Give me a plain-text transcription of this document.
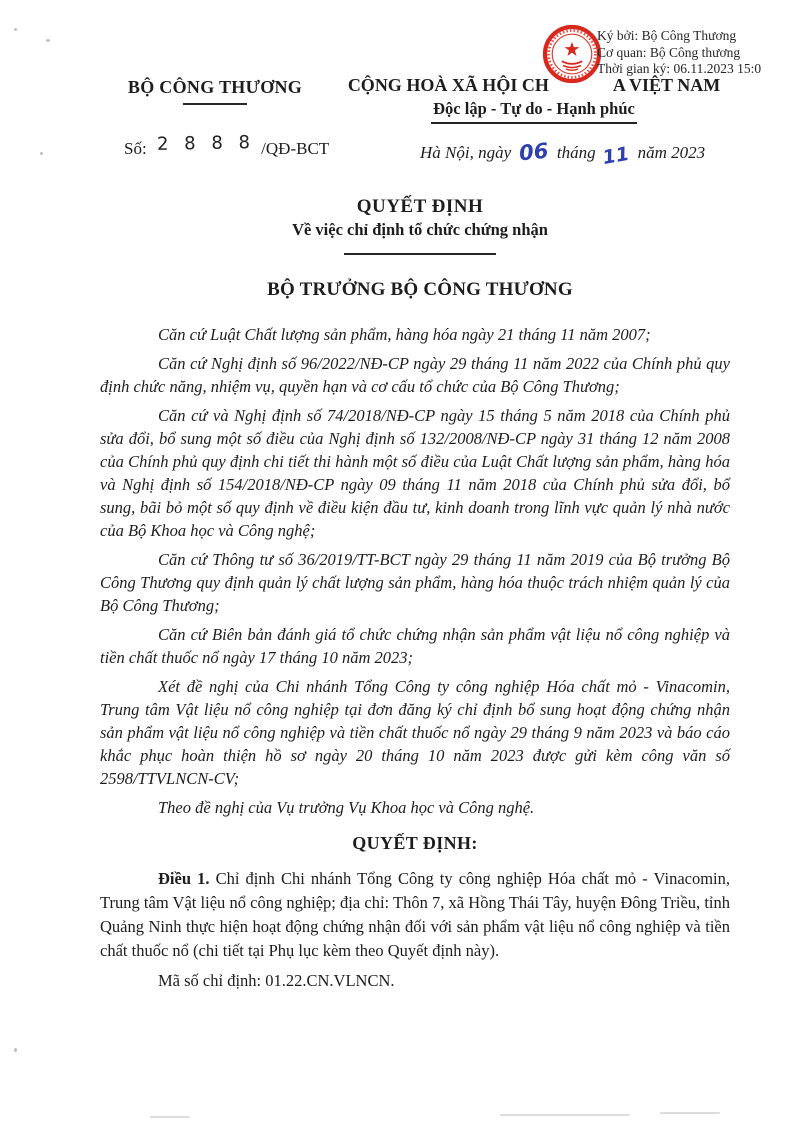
Ký bởi: Bộ Công Thương
Cơ quan: Bộ Công thương
Thời gian ký: 06.11.2023 15:0
BỘ CÔNG THƯƠNG	CỘNG HOÀ XÃ HỘI CH	A VIỆT NAM
Độc lập - Tự do - Hạnh phúc
Số: 2 8 8 8 /QĐ-BCT	Hà Nội, ngày 06 tháng 11 năm 2023
QUYẾT ĐỊNH
Về việc chỉ định tổ chức chứng nhận
BỘ TRƯỞNG BỘ CÔNG THƯƠNG

Căn cứ Luật Chất lượng sản phẩm, hàng hóa ngày 21 tháng 11 năm 2007;

Căn cứ Nghị định số 96/2022/NĐ-CP ngày 29 tháng 11 năm 2022 của Chính phủ quy định chức năng, nhiệm vụ, quyền hạn và cơ cấu tổ chức của Bộ Công Thương;

Căn cứ và Nghị định số 74/2018/NĐ-CP ngày 15 tháng 5 năm 2018 của Chính phủ sửa đổi, bổ sung một số điều của Nghị định số 132/2008/NĐ-CP ngày 31 tháng 12 năm 2008 của Chính phủ quy định chi tiết thi hành một số điều của Luật Chất lượng sản phẩm, hàng hóa và Nghị định số 154/2018/NĐ-CP ngày 09 tháng 11 năm 2018 của Chính phủ sửa đổi, bổ sung, bãi bỏ một số quy định về điều kiện đầu tư, kinh doanh trong lĩnh vực quản lý nhà nước của Bộ Khoa học và Công nghệ;

Căn cứ Thông tư số 36/2019/TT-BCT ngày 29 tháng 11 năm 2019 của Bộ trưởng Bộ Công Thương quy định quản lý chất lượng sản phẩm, hàng hóa thuộc trách nhiệm quản lý của Bộ Công Thương;

Căn cứ Biên bản đánh giá tổ chức chứng nhận sản phẩm vật liệu nổ công nghiệp và tiền chất thuốc nổ ngày 17 tháng 10 năm 2023;

Xét đề nghị của Chi nhánh Tổng Công ty công nghiệp Hóa chất mỏ - Vinacomin, Trung tâm Vật liệu nổ công nghiệp tại đơn đăng ký chỉ định bổ sung hoạt động chứng nhận sản phẩm vật liệu nổ công nghiệp và tiền chất thuốc nổ ngày 29 tháng 9 năm 2023 và báo cáo khắc phục hoàn thiện hồ sơ ngày 20 tháng 10 năm 2023 được gửi kèm công văn số 2598/TTVLNCN-CV;

Theo đề nghị của Vụ trưởng Vụ Khoa học và Công nghệ.

QUYẾT ĐỊNH:

Điều 1. Chỉ định Chi nhánh Tổng Công ty công nghiệp Hóa chất mỏ - Vinacomin, Trung tâm Vật liệu nổ công nghiệp; địa chỉ: Thôn 7, xã Hồng Thái Tây, huyện Đông Triều, tỉnh Quảng Ninh thực hiện hoạt động chứng nhận đối với sản phẩm vật liệu nổ công nghiệp và tiền chất thuốc nổ (chi tiết tại Phụ lục kèm theo Quyết định này).

Mã số chỉ định: 01.22.CN.VLNCN.
